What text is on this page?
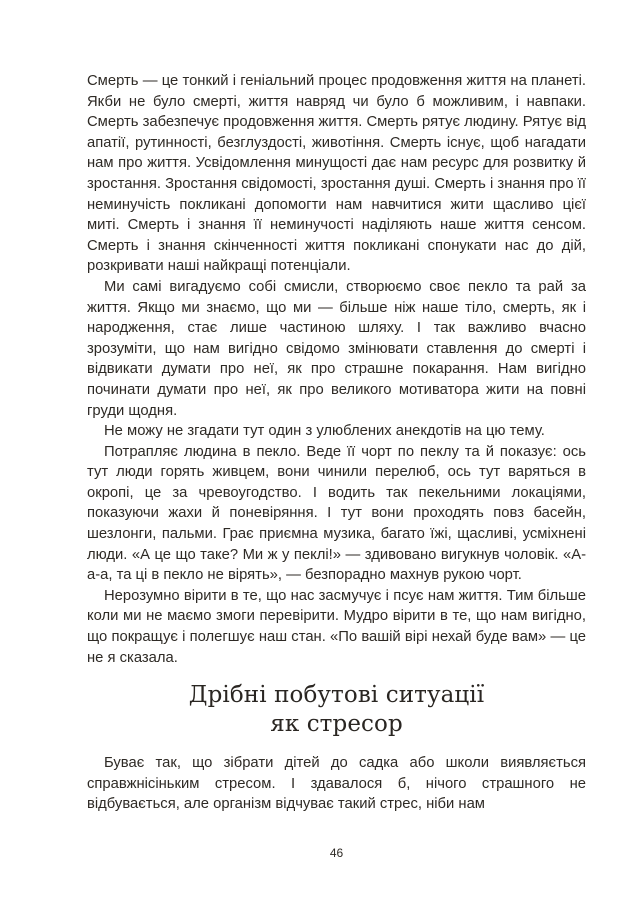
Смерть — це тонкий і геніальний процес продовження життя на планеті. Якби не було смерті, життя навряд чи було б можливим, і навпаки. Смерть забезпечує продовження життя. Смерть рятує людину. Рятує від апатії, рутинності, безглуздості, животіння. Смерть існує, щоб нагадати нам про життя. Усвідомлення минущості дає нам ресурс для розвитку й зростання. Зростання свідомості, зростання душі. Смерть і знання про її неминучість покликані допомогти нам навчитися жити щасливо цієї миті. Смерть і знання її неминучості наділяють наше життя сенсом. Смерть і знання скінченності життя покликані спонукати нас до дій, розкривати наші найкращі потенціали.

Ми самі вигадуємо собі смисли, створюємо своє пекло та рай за життя. Якщо ми знаємо, що ми — більше ніж наше тіло, смерть, як і народження, стає лише частиною шляху. І так важливо вчасно зрозуміти, що нам вигідно свідомо змінювати ставлення до смерті і відвикати думати про неї, як про страшне покарання. Нам вигідно починати думати про неї, як про великого мотиватора жити на повні груди щодня.

Не можу не згадати тут один з улюблених анекдотів на цю тему.

Потрапляє людина в пекло. Веде її чорт по пеклу та й показує: ось тут люди горять живцем, вони чинили перелюб, ось тут варяться в окропі, це за чревоугодство. І водить так пекельними локаціями, показуючи жахи й поневіряння. І тут вони проходять повз басейн, шезлонги, пальми. Грає приємна музика, багато їжі, щасливі, усміхнені люди. «А це що таке? Ми ж у пеклі!» — здивовано вигукнув чоловік. «А-а-а, та ці в пекло не вірять», — безпорадно махнув рукою чорт.

Нерозумно вірити в те, що нас засмучує і псує нам життя. Тим більше коли ми не маємо змоги перевірити. Мудро вірити в те, що нам вигідно, що покращує і полегшує наш стан. «По вашій вірі нехай буде вам» — це не я сказала.

Дрібні побутові ситуації
як стресор

Буває так, що зібрати дітей до садка або школи виявляється справжнісіньким стресом. І здавалося б, нічого страшного не відбувається, але організм відчуває такий стрес, ніби нам

46
